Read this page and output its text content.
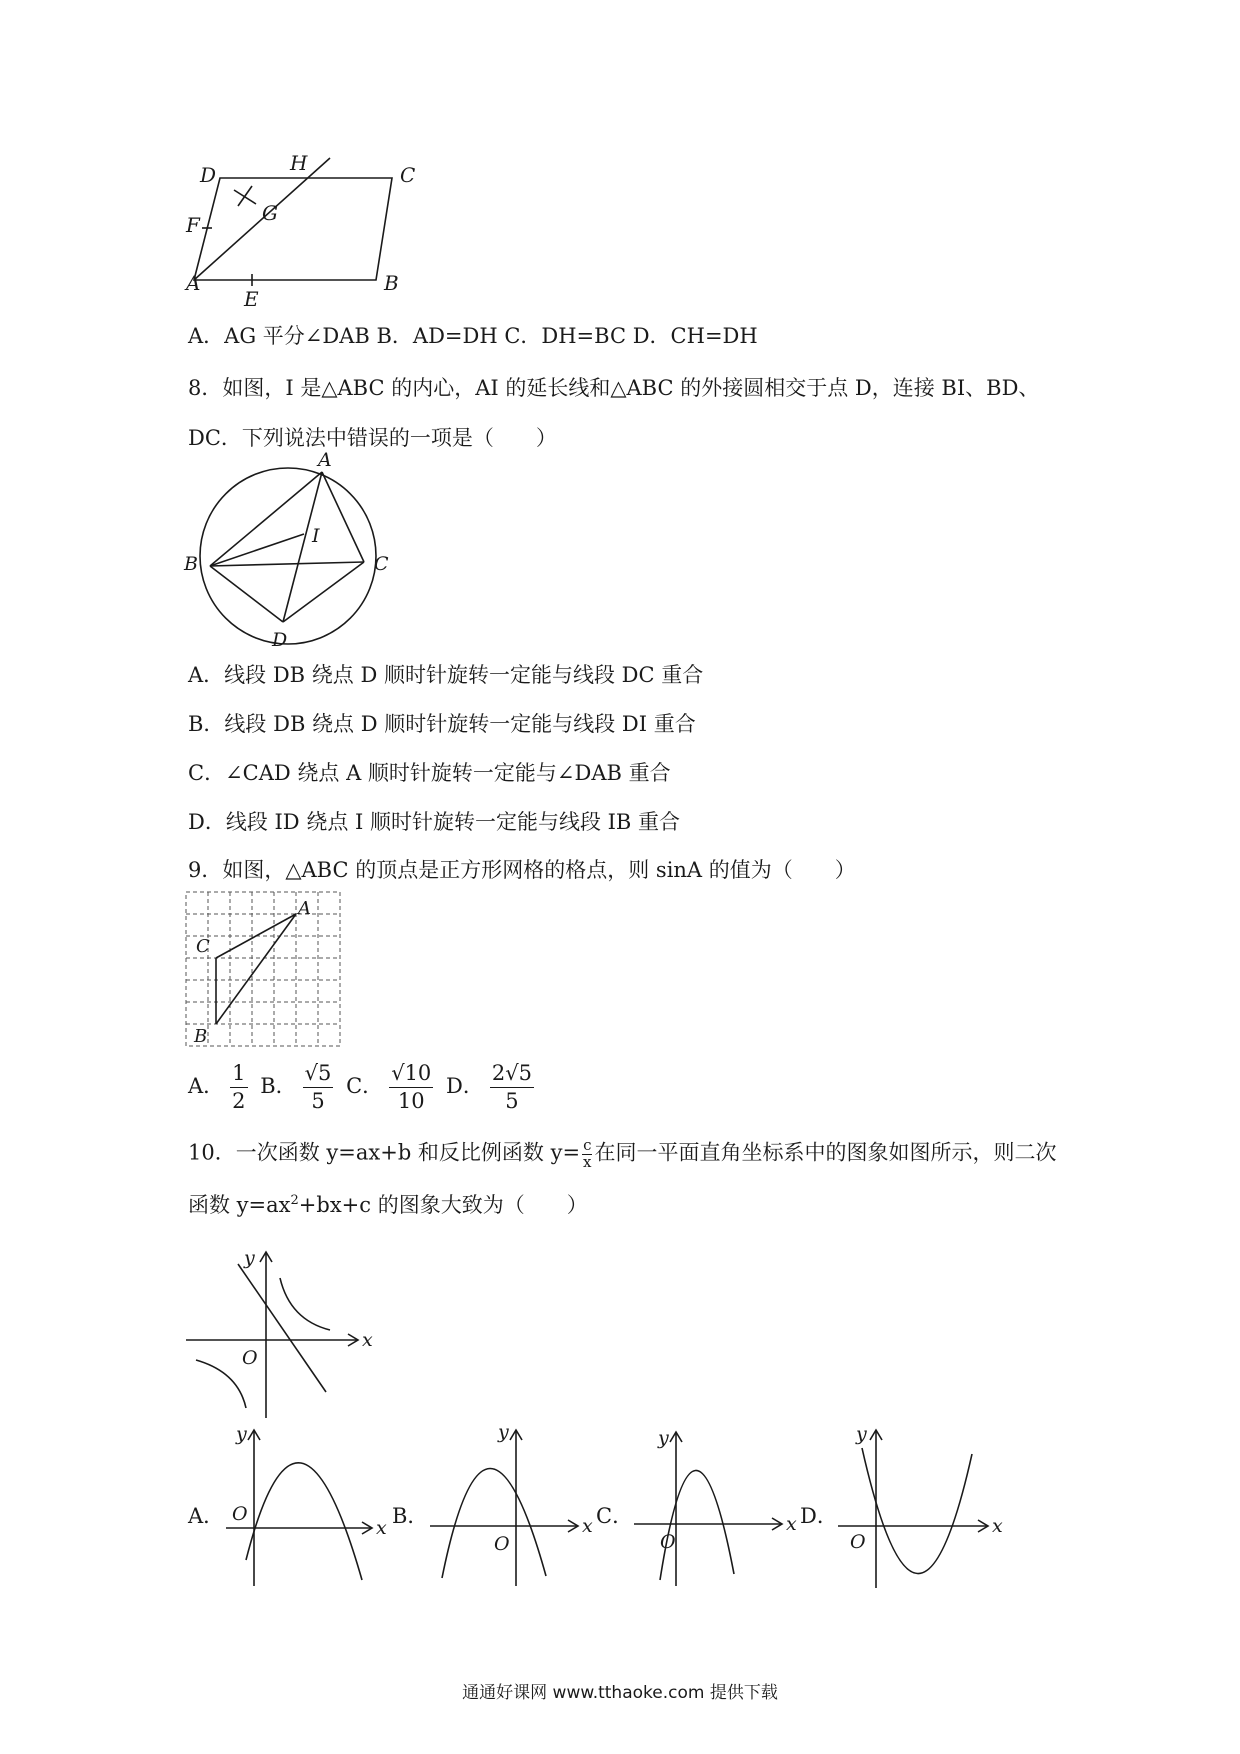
D	H	C
F	G
A
E
B
A．AG 平分∠DAB B．AD=DH C．DH=BC D．CH=DH
8．如图，I 是△ABC 的内心，AI 的延长线和△ABC 的外接圆相交于点 D，连接 BI、BD、
DC．下列说法中错误的一项是（　　）
A
I
B	C
D
A．线段 DB 绕点 D 顺时针旋转一定能与线段 DC 重合
B．线段 DB 绕点 D 顺时针旋转一定能与线段 DI 重合
C．∠CAD 绕点 A 顺时针旋转一定能与∠DAB 重合
D．线段 ID 绕点 I 顺时针旋转一定能与线段 IB 重合
9．如图，△ABC 的顶点是正方形网格的格点，则 sinA 的值为（　　）
A
C
B
A． $\frac{1}{2}$ B． $\frac{√5}{5}$ C． $\frac{√10}{10}$ D． $\frac{2√5}{5}$
10．一次函数 y=ax+b 和反比例函数 $y= \frac{c}{x}$ 在同一平面直角坐标系中的图象如图所示，则二次
函数 $y=ax^2+bx+c$ 的图象大致为（　　）
y
x
O
A．
y
x
O	B．
y
x
O
C．
y
x
O
D．
y
x
O
通通好课网 www.tthaoke.com 提供下载
